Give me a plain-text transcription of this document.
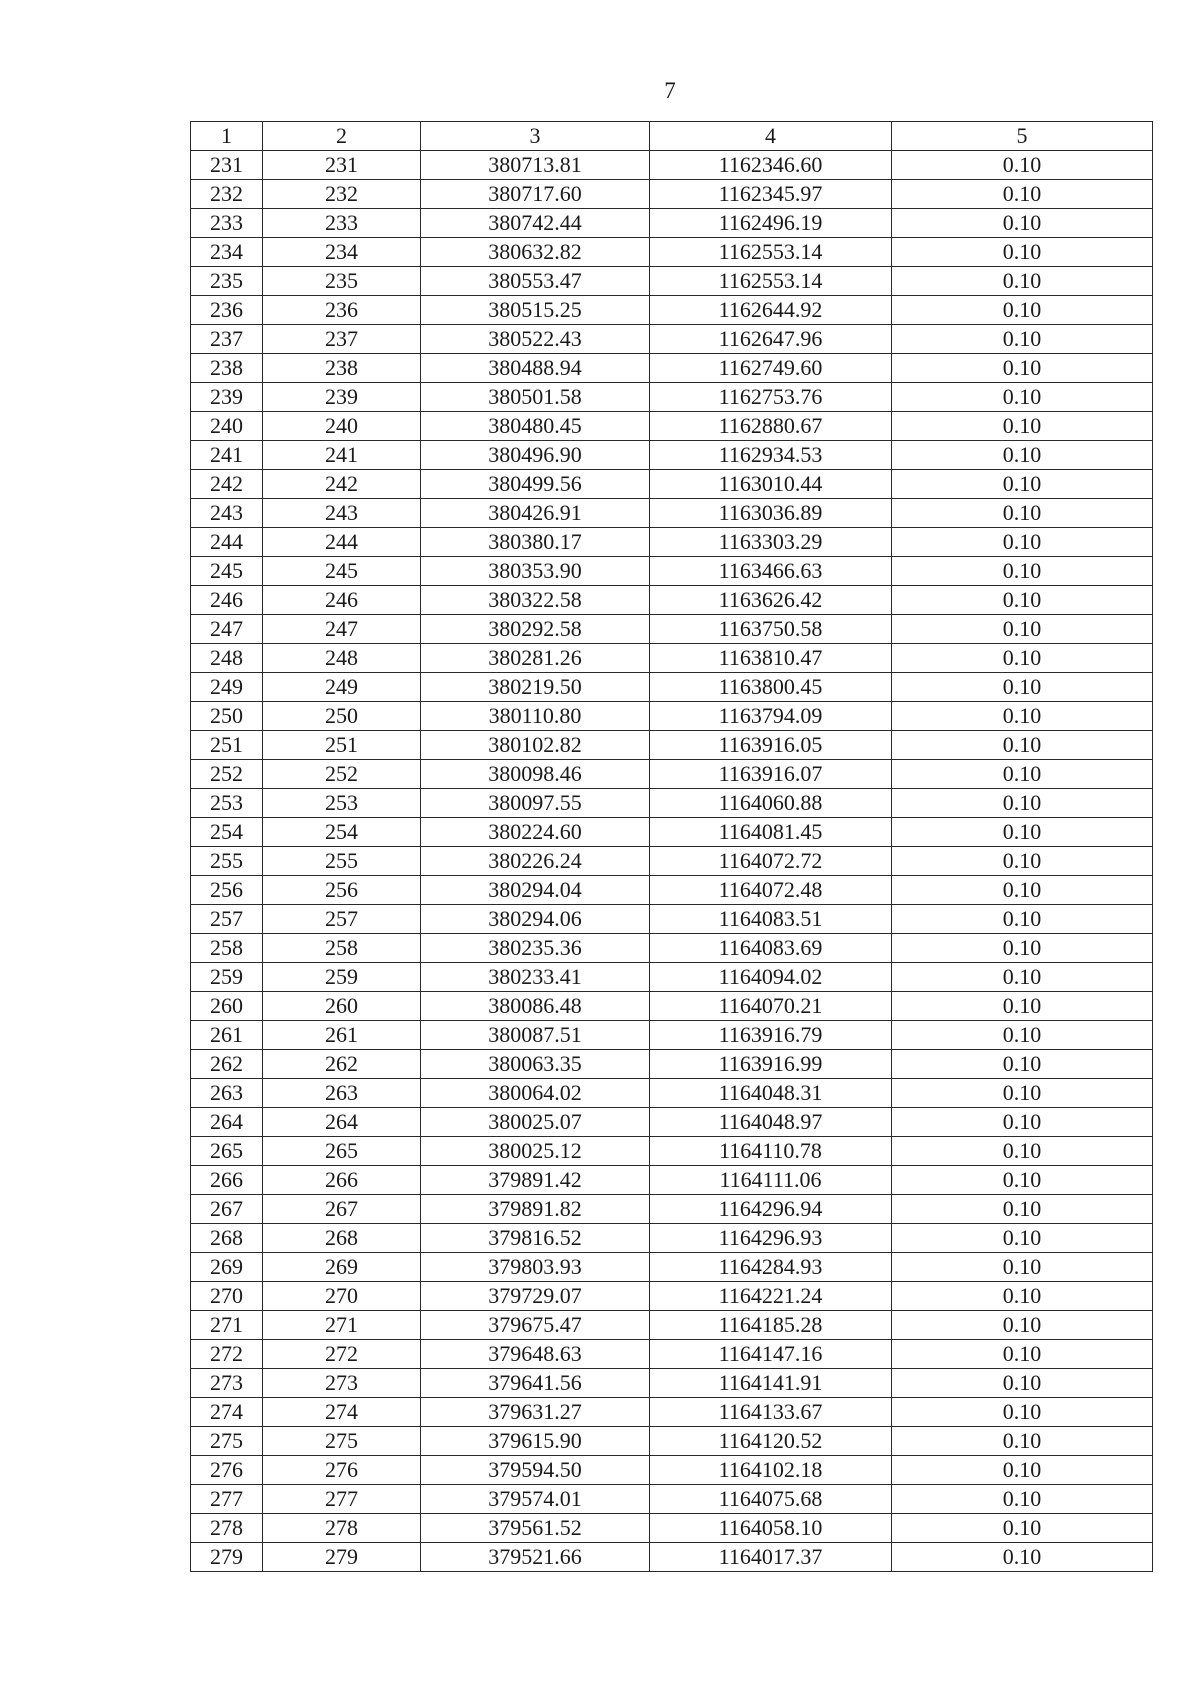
7
1	2	3	4	5
231	231	380713.81	1162346.60	0.10
232	232	380717.60	1162345.97	0.10
233	233	380742.44	1162496.19	0.10
234	234	380632.82	1162553.14	0.10
235	235	380553.47	1162553.14	0.10
236	236	380515.25	1162644.92	0.10
237	237	380522.43	1162647.96	0.10
238	238	380488.94	1162749.60	0.10
239	239	380501.58	1162753.76	0.10
240	240	380480.45	1162880.67	0.10
241	241	380496.90	1162934.53	0.10
242	242	380499.56	1163010.44	0.10
243	243	380426.91	1163036.89	0.10
244	244	380380.17	1163303.29	0.10
245	245	380353.90	1163466.63	0.10
246	246	380322.58	1163626.42	0.10
247	247	380292.58	1163750.58	0.10
248	248	380281.26	1163810.47	0.10
249	249	380219.50	1163800.45	0.10
250	250	380110.80	1163794.09	0.10
251	251	380102.82	1163916.05	0.10
252	252	380098.46	1163916.07	0.10
253	253	380097.55	1164060.88	0.10
254	254	380224.60	1164081.45	0.10
255	255	380226.24	1164072.72	0.10
256	256	380294.04	1164072.48	0.10
257	257	380294.06	1164083.51	0.10
258	258	380235.36	1164083.69	0.10
259	259	380233.41	1164094.02	0.10
260	260	380086.48	1164070.21	0.10
261	261	380087.51	1163916.79	0.10
262	262	380063.35	1163916.99	0.10
263	263	380064.02	1164048.31	0.10
264	264	380025.07	1164048.97	0.10
265	265	380025.12	1164110.78	0.10
266	266	379891.42	1164111.06	0.10
267	267	379891.82	1164296.94	0.10
268	268	379816.52	1164296.93	0.10
269	269	379803.93	1164284.93	0.10
270	270	379729.07	1164221.24	0.10
271	271	379675.47	1164185.28	0.10
272	272	379648.63	1164147.16	0.10
273	273	379641.56	1164141.91	0.10
274	274	379631.27	1164133.67	0.10
275	275	379615.90	1164120.52	0.10
276	276	379594.50	1164102.18	0.10
277	277	379574.01	1164075.68	0.10
278	278	379561.52	1164058.10	0.10
279	279	379521.66	1164017.37	0.10
